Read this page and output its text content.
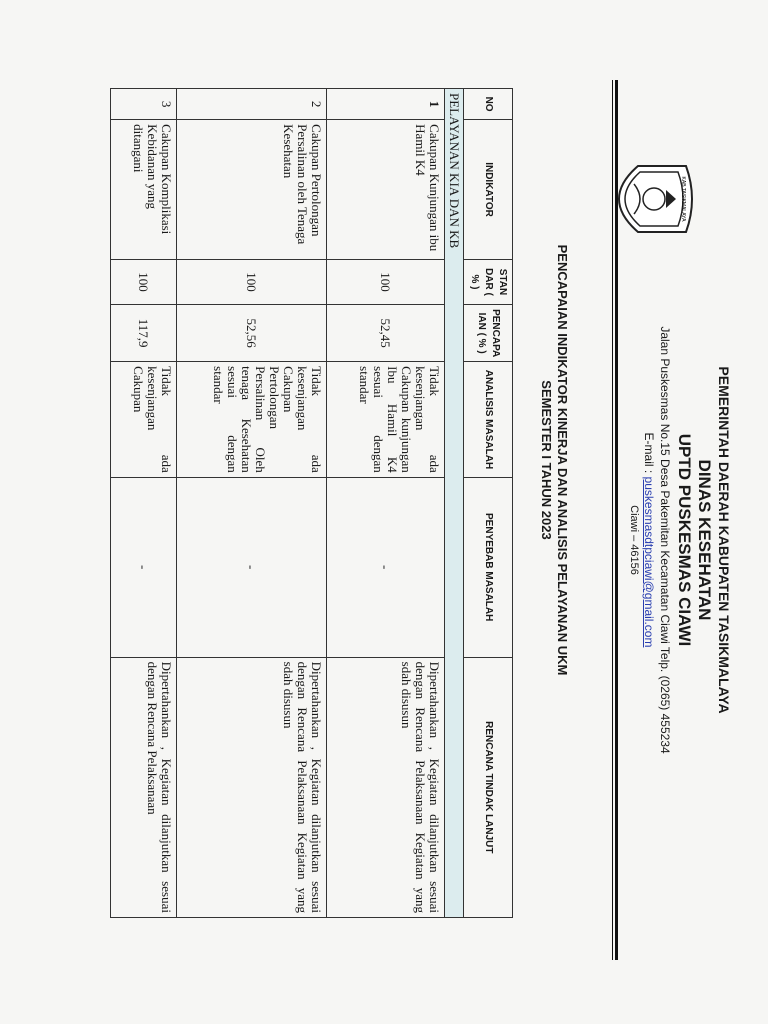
KAB TASIKMALAYA
PEMERINTAH DAERAH KABUPATEN TASIKMALAYA
DINAS KESEHATAN
UPTD PUSKESMAS CIAWI
Jalan Puskesmas No.15 Desa Pakemitan Kecamatan Ciawi Telp. (0265) 455234
E-mail : puskesmasdtpciawi@gmail.com
Ciawi – 46156
PENCAPAIAN INDIKATOR KINERJA DAN ANALISIS PELAYANAN UKM
SEMESTER I TAHUN 2023
NO	INDIKATOR	STAN DAR ( % )	PENCAPA IAN ( % )	ANALISIS MASALAH	PENYEBAB MASALAH	RENCANA TINDAK LANJUT
PELAYANAN KIA DAN KB						
1	Cakupan Kunjungan ibu Hamil K4	100	52,45	Tidak ada kesenjangan Cakupan kunjungan Ibu Hamil K4 sesuai dengan standar	-	Dipertahankan , Kegiatan dilanjutkan sesuai dengan Rencana Pelaksanaan Kegiatan yang sdah disusun
2	Cakupan Pertolongan Persalinan oleh Tenaga Kesehatan	100	52,56	Tidak ada kesenjangan Cakupan Pertolongan Persalinan Oleh tenaga Kesehatan sesuai dengan standar	-	Dipertahankan , Kegiatan dilanjutkan sesuai dengan Rencana Pelaksanaan Kegiatan yang sdah disusun
3	Cakupan Komplikasi Kebidanan yang ditangani	100	117,9	Tidak ada kesenjangan Cakupan	-	Dipertahankan , Kegiatan dilanjutkan sesuai dengan Rencana Pelaksanaan
